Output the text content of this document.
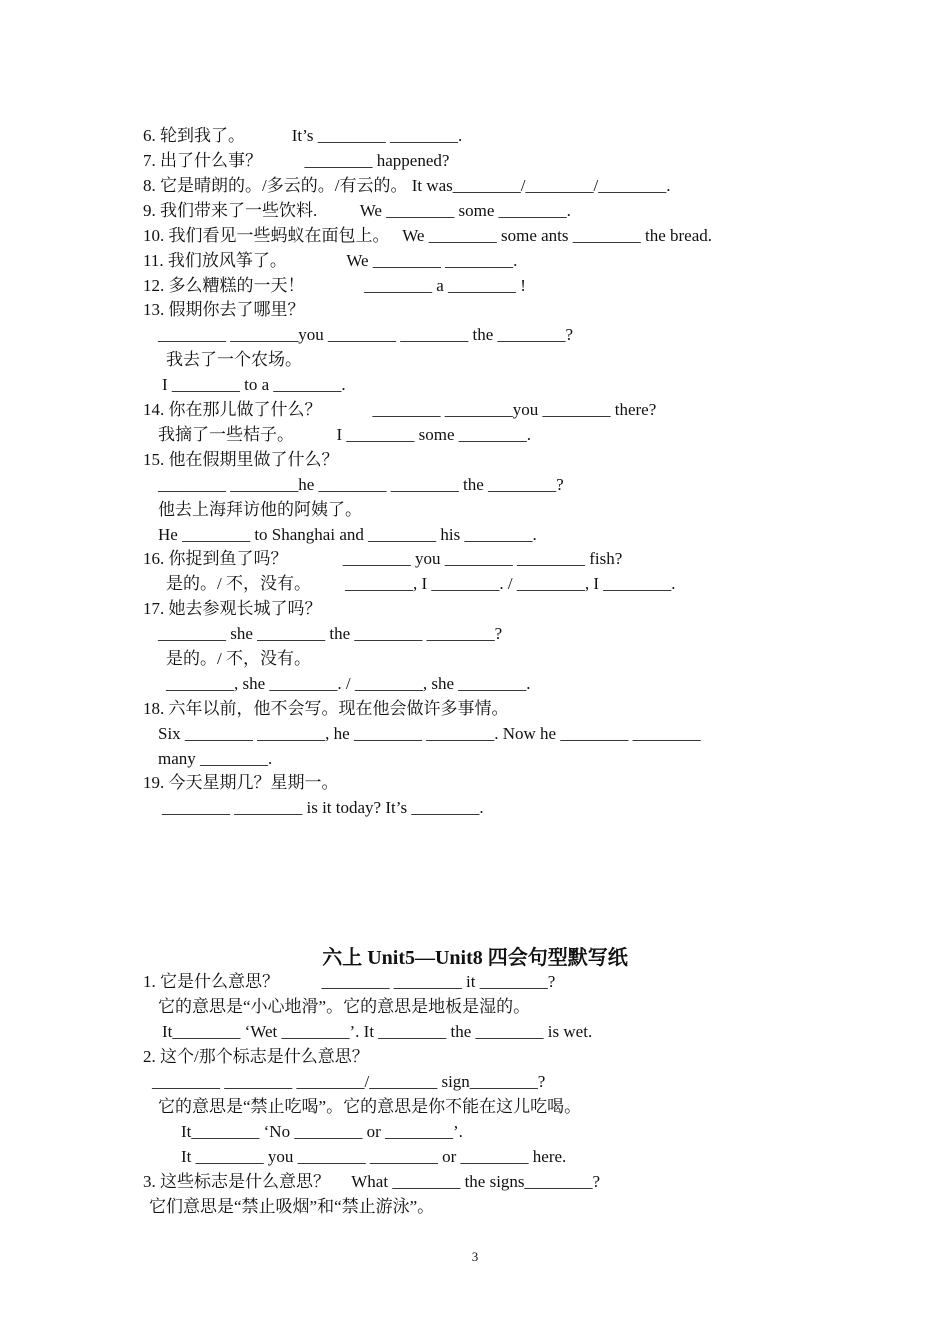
6. 轮到我了。           It’s ________ ________.
7. 出了什么事？          ________ happened?
8. 它是晴朗的。/多云的。/有云的。 It was________/________/________.
9. 我们带来了一些饮料.          We ________ some ________.
10. 我们看见一些蚂蚁在面包上。   We ________ some ants ________ the bread.
11. 我们放风筝了。              We ________ ________.
12. 多么糟糕的一天！              ________ a ________ !
13. 假期你去了哪里？
________ ________you ________ ________ the ________?
我去了一个农场。
I ________ to a ________.
14. 你在那儿做了什么？            ________ ________you ________ there?
我摘了一些桔子。          I ________ some ________.
15. 他在假期里做了什么？
________ ________he ________ ________ the ________?
他去上海拜访他的阿姨了。
He ________ to Shanghai and ________ his ________.
16. 你捉到鱼了吗？             ________ you ________ ________ fish?
是的。/ 不，没有。        ________, I ________. / ________, I ________.
17. 她去参观长城了吗？
________ she ________ the ________ ________?
是的。/ 不，没有。
________, she ________. / ________, she ________.
18. 六年以前，他不会写。现在他会做许多事情。
Six ________ ________, he ________ ________. Now he ________ ________
many ________.
19. 今天星期几？星期一。
________ ________ is it today? It’s ________.
1. 它是什么意思？          ________ ________ it ________?
它的意思是“小心地滑”。它的意思是地板是湿的。
It________ ‘Wet ________’. It ________ the ________ is wet.
2. 这个/那个标志是什么意思？
________ ________ ________/________ sign________?
它的意思是“禁止吃喝”。它的意思是你不能在这儿吃喝。
It________ ‘No ________ or ________’.
It ________ you ________ ________ or ________ here.
3. 这些标志是什么意思？     What ________ the signs________?
它们意思是“禁止吸烟”和“禁止游泳”。
六上 Unit5—Unit8 四会句型默写纸
3
